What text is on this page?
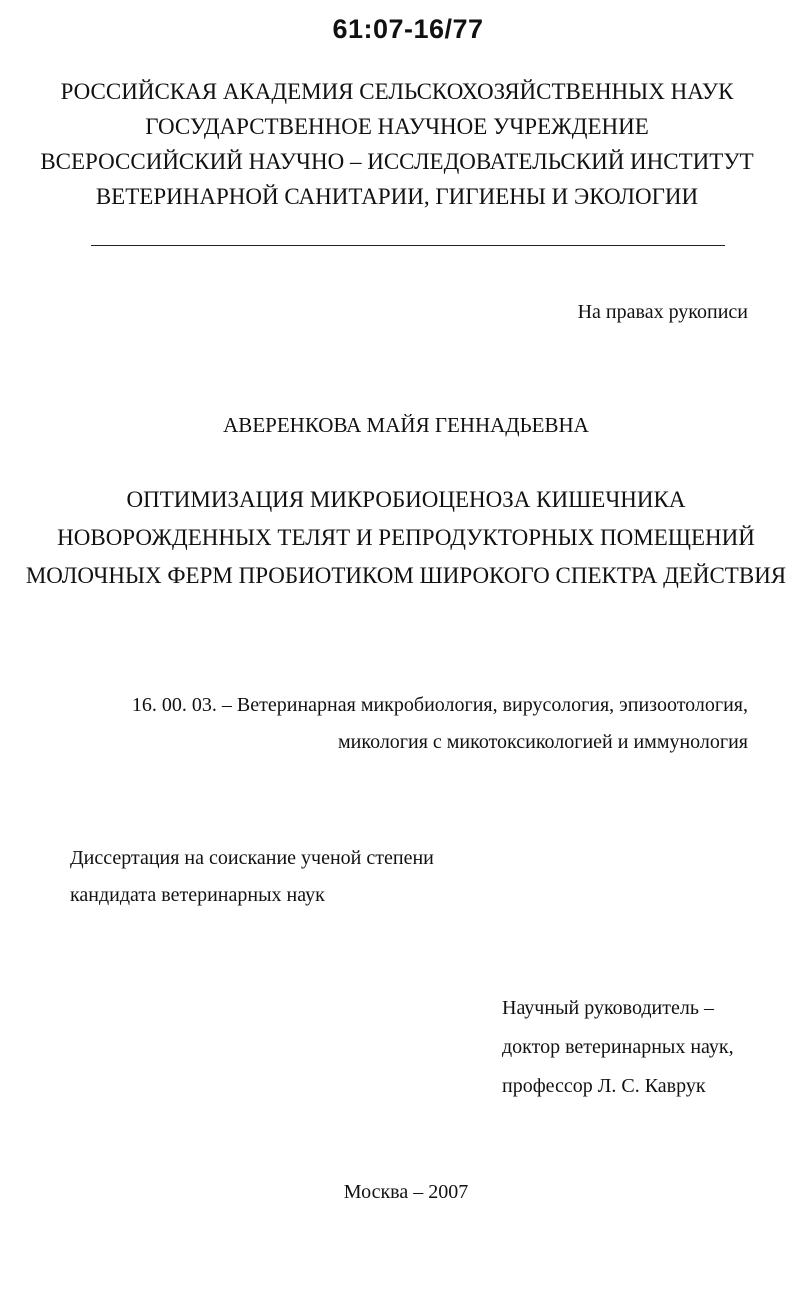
61:07-16/77
РОССИЙСКАЯ АКАДЕМИЯ СЕЛЬСКОХОЗЯЙСТВЕННЫХ НАУК
ГОСУДАРСТВЕННОЕ НАУЧНОЕ УЧРЕЖДЕНИЕ
ВСЕРОССИЙСКИЙ НАУЧНО – ИССЛЕДОВАТЕЛЬСКИЙ ИНСТИТУТ
ВЕТЕРИНАРНОЙ САНИТАРИИ, ГИГИЕНЫ И ЭКОЛОГИИ
На правах рукописи
АВЕРЕНКОВА МАЙЯ ГЕННАДЬЕВНА
ОПТИМИЗАЦИЯ МИКРОБИОЦЕНОЗА КИШЕЧНИКА
НОВОРОЖДЕННЫХ ТЕЛЯТ И РЕПРОДУКТОРНЫХ ПОМЕЩЕНИЙ
МОЛОЧНЫХ ФЕРМ ПРОБИОТИКОМ ШИРОКОГО СПЕКТРА ДЕЙСТВИЯ
16. 00. 03. – Ветеринарная микробиология, вирусология, эпизоотология,
микология с микотоксикологией и иммунология
Диссертация на соискание ученой степени
кандидата ветеринарных наук
Научный руководитель –
доктор ветеринарных наук,
профессор Л. С. Каврук
Москва – 2007
